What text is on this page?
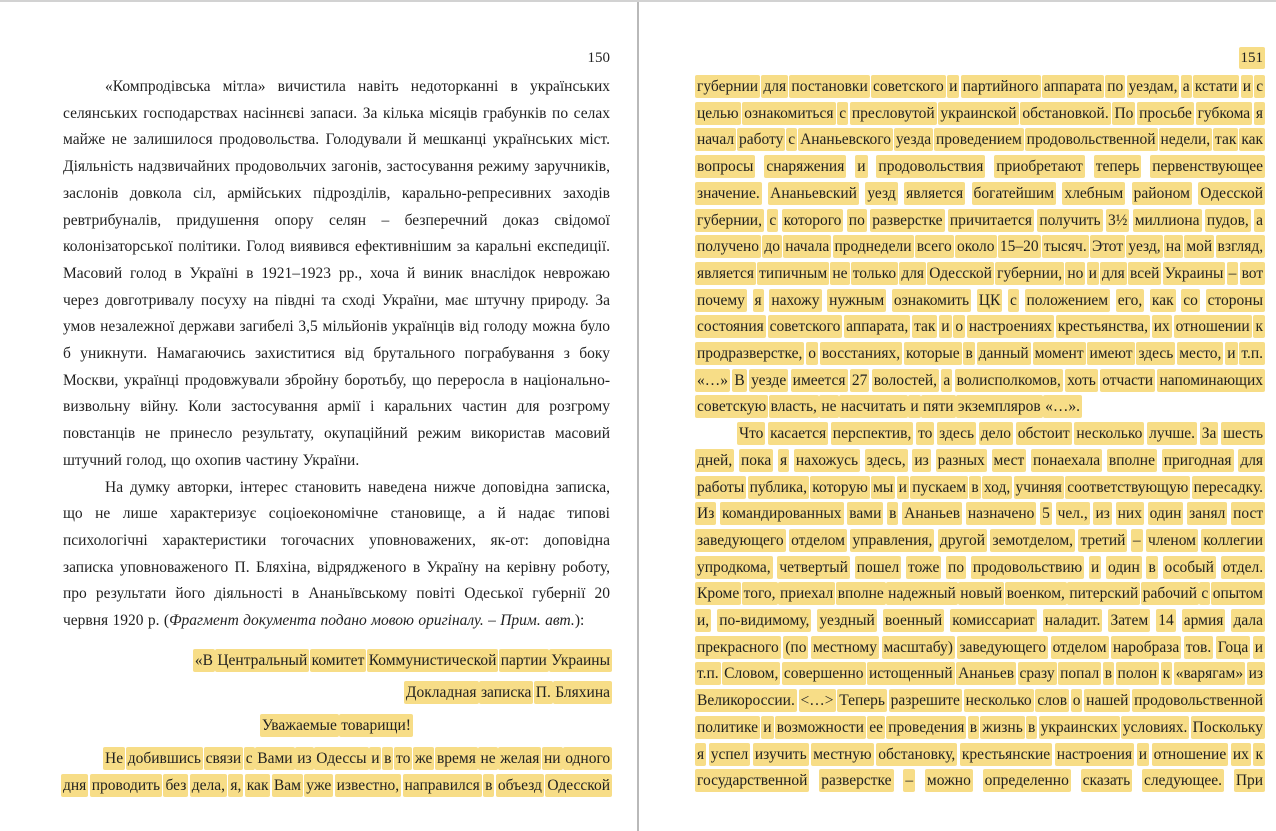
150	151

«Компродівська мітла» вичистила навіть недоторканні в українських селянських господарствах насіннєві запаси. За кілька місяців грабунків по селах майже не залишилося продовольства. Голодували й мешканці українських міст. Діяльність надзвичайних продовольчих загонів, застосування режиму заручників, заслонів довкола сіл, армійських підрозділів, карально-репресивних заходів ревтрибуналів, придушення опору селян – безперечний доказ свідомої колонізаторської політики. Голод виявився ефективнішим за каральні експедиції. Масовий голод в Україні в 1921–1923 рр., хоча й виник внаслідок неврожаю через довготривалу посуху на півдні та сході України, має штучну природу. За умов незалежної держави загибелі 3,5 мільйонів українців від голоду можна було б уникнути. Намагаючись захиститися від брутального пограбування з боку Москви, українці продовжували збройну боротьбу, що переросла в національно-визвольну війну. Коли застосування армії і каральних частин для розгрому повстанців не принесло результату, окупаційний режим використав масовий штучний голод, що охопив частину України.

На думку авторки, інтерес становить наведена нижче доповідна записка, що не лише характеризує соціоекономічне становище, а й надає типові психологічні характеристики тогочасних уповноважених, як-от: доповідна записка уповноваженого П. Бляхіна, відрядженого в Україну на керівну роботу, про результати його діяльності в Ананьївському повіті Одеської губернії 20 червня 1920 р. (Фрагмент документа подано мовою оригіналу. – Прим. авт.):

«В Центральный комитет Коммунистической партии Украины

Докладная записка П. Бляхина

Уважаемые товарищи!

Не добившись связи с Вами из Одессы и в то же время не желая ни одного дня проводить без дела, я, как Вам уже известно, направился в объезд Одесской

губернии для постановки советского и партийного аппарата по уездам, а кстати и с целью ознакомиться с пресловутой украинской обстановкой. По просьбе губкома я начал работу с Ананьевского уезда проведением продовольственной недели, так как вопросы снаряжения и продовольствия приобретают теперь первенствующее значение. Ананьевский уезд является богатейшим хлебным районом Одесской губернии, с которого по разверстке причитается получить 3½ миллиона пудов, а получено до начала проднедели всего около 15–20 тысяч. Этот уезд, на мой взгляд, является типичным не только для Одесской губернии, но и для всей Украины – вот почему я нахожу нужным ознакомить ЦК с положением его, как со стороны состояния советского аппарата, так и о настроениях крестьянства, их отношении к продразверстке, о восстаниях, которые в данный момент имеют здесь место, и т.п. «…» В уезде имеется 27 волостей, а волисполкомов, хоть отчасти напоминающих советскую власть, не насчитать и пяти экземпляров «…».

Что касается перспектив, то здесь дело обстоит несколько лучше. За шесть дней, пока я нахожусь здесь, из разных мест понаехала вполне пригодная для работы публика, которую мы и пускаем в ход, учиняя соответствующую пересадку. Из командированных вами в Ананьев назначено 5 чел., из них один занял пост заведующего отделом управления, другой земотделом, третий – членом коллегии упродкома, четвертый пошел тоже по продовольствию и один в особый отдел. Кроме того, приехал вполне надежный новый военком, питерский рабочий с опытом и, по-видимому, уездный военный комиссариат наладит. Затем 14 армия дала прекрасного (по местному масштабу) заведующего отделом наробраза тов. Гоца и т.п. Словом, совершенно истощенный Ананьев сразу попал в полон к «варягам» из Великороссии. <…> Теперь разрешите несколько слов о нашей продовольственной политике и возможности ее проведения в жизнь в украинских условиях. Поскольку я успел изучить местную обстановку, крестьянские настроения и отношение их к государственной разверстке – можно определенно сказать следующее. При
